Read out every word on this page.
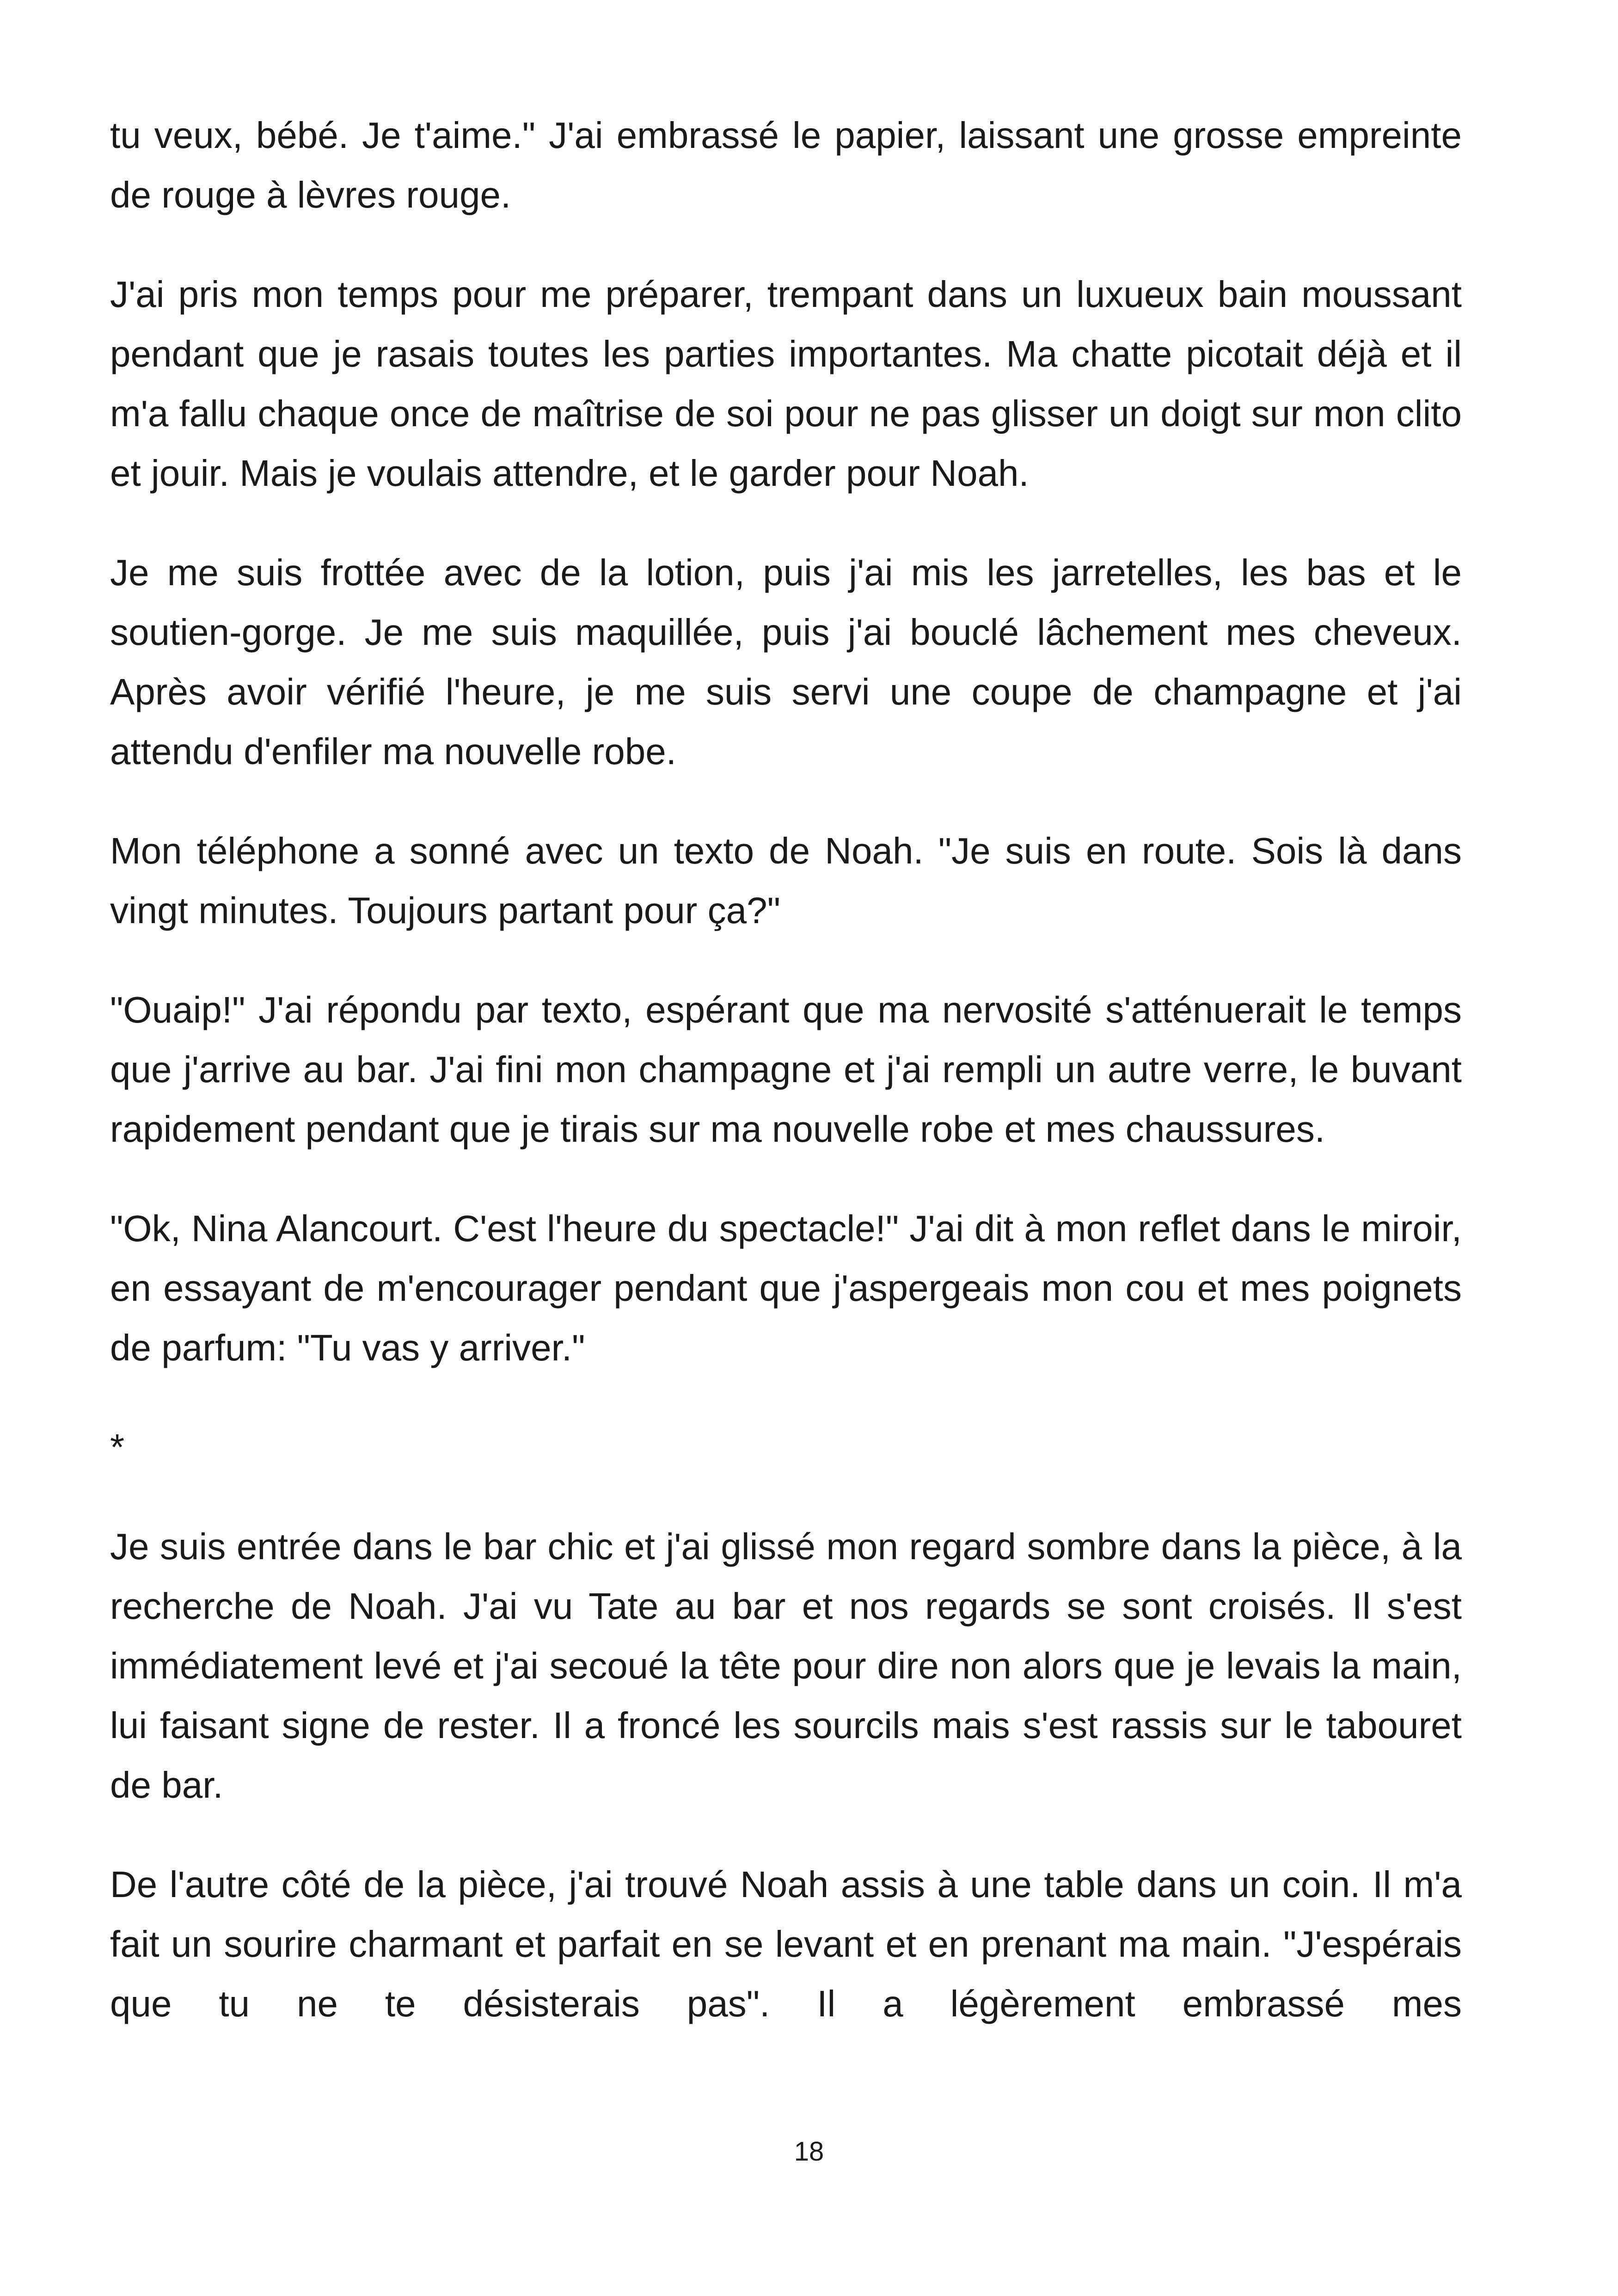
tu veux, bébé. Je t'aime." J'ai embrassé le papier, laissant une grosse empreinte de rouge à lèvres rouge.

J'ai pris mon temps pour me préparer, trempant dans un luxueux bain moussant pendant que je rasais toutes les parties importantes. Ma chatte picotait déjà et il m'a fallu chaque once de maîtrise de soi pour ne pas glisser un doigt sur mon clito et jouir. Mais je voulais attendre, et le garder pour Noah.

Je me suis frottée avec de la lotion, puis j'ai mis les jarretelles, les bas et le soutien-gorge. Je me suis maquillée, puis j'ai bouclé lâchement mes cheveux. Après avoir vérifié l'heure, je me suis servi une coupe de champagne et j'ai attendu d'enfiler ma nouvelle robe.

Mon téléphone a sonné avec un texto de Noah. "Je suis en route. Sois là dans vingt minutes. Toujours partant pour ça?"

"Ouaip!" J'ai répondu par texto, espérant que ma nervosité s'atténuerait le temps que j'arrive au bar. J'ai fini mon champagne et j'ai rempli un autre verre, le buvant rapidement pendant que je tirais sur ma nouvelle robe et mes chaussures.

"Ok, Nina Alancourt. C'est l'heure du spectacle!" J'ai dit à mon reflet dans le miroir, en essayant de m'encourager pendant que j'aspergeais mon cou et mes poignets de parfum: "Tu vas y arriver."

*

Je suis entrée dans le bar chic et j'ai glissé mon regard sombre dans la pièce, à la recherche de Noah. J'ai vu Tate au bar et nos regards se sont croisés. Il s'est immédiatement levé et j'ai secoué la tête pour dire non alors que je levais la main, lui faisant signe de rester. Il a froncé les sourcils mais s'est rassis sur le tabouret de bar.

De l'autre côté de la pièce, j'ai trouvé Noah assis à une table dans un coin. Il m'a fait un sourire charmant et parfait en se levant et en prenant ma main. "J'espérais que tu ne te désisterais pas". Il a légèrement embrassé mes

18
